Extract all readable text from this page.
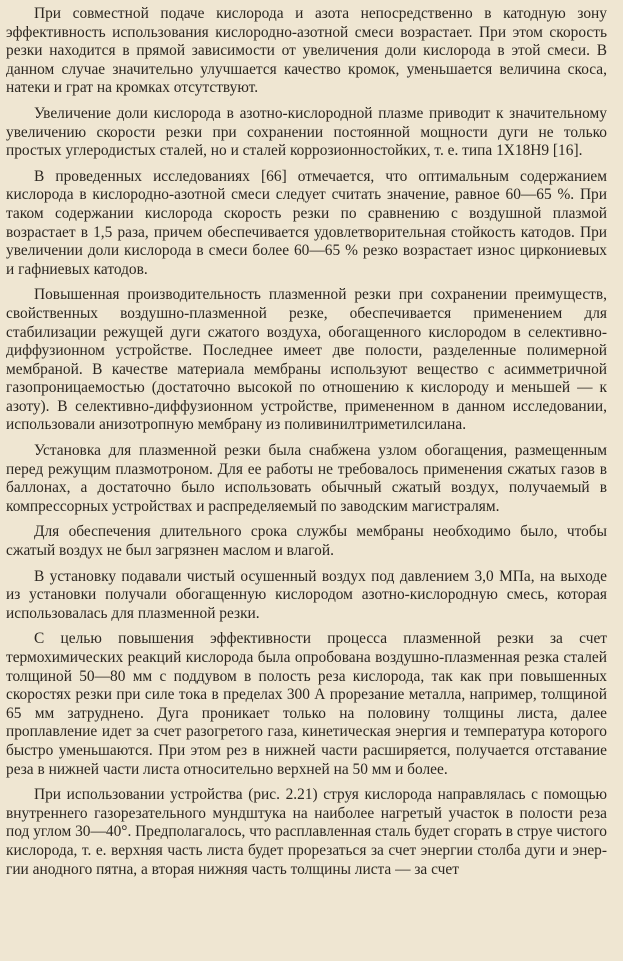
При совместной подаче кислорода и азота непосредственно в катодную зону эффективность использования кислородно-азотной смеси возрастает. При этом скорость резки находится в прямой зависимости от увеличения доли кислорода в этой смеси. В данном случае значительно улучшается качество кромок, уменьшается величина скоса, натеки и грат на кромках отсутствуют.

Увеличение доли кислорода в азотно-кислородной плазме приводит к значительному увеличению скорости резки при сохранении постоянной мощности дуги не только простых углеродистых сталей, но и сталей коррозионностойких, т. е. типа 1Х18Н9 [16].

В проведенных исследованиях [66] отмечается, что оптимальным содержанием кислорода в кислородно-азотной смеси следует считать значение, равное 60—65 %. При таком содержании кислорода скорость резки по сравнению с воздушной плазмой возрастает в 1,5 раза, причем обеспечивается удовлетворительная стойкость катодов. При увеличении доли кислорода в смеси более 60—65 % резко возрастает износ циркониевых и гафниевых катодов.

Повышенная производительность плазменной резки при сохранении преимуществ, свойственных воздушно-плазменной резке, обеспечивается применением для стабилизации режущей дуги сжатого воздуха, обогащенного кислородом в селективно-диффузионном устройстве. Последнее имеет две полости, разделенные полимерной мембраной. В качестве материала мембраны используют вещество с асимметричной газопроницаемостью (достаточно высокой по отношению к кислороду и меньшей — к азоту). В селективно-диффузионном устройстве, примененном в данном исследовании, использовали анизотропную мембрану из поливинилтриметилсилана.

Установка для плазменной резки была снабжена узлом обогащения, размещенным перед режущим плазмотроном. Для ее работы не требовалось применения сжатых газов в баллонах, а достаточно было использовать обычный сжатый воздух, получаемый в компрессорных устройствах и распределяемый по заводским магистралям.

Для обеспечения длительного срока службы мембраны необходимо было, чтобы сжатый воздух не был загрязнен маслом и влагой.

В установку подавали чистый осушенный воздух под давлением 3,0 МПа, на выходе из установки получали обогащенную кислородом азотно-кислородную смесь, которая использовалась для плазменной резки.

С целью повышения эффективности процесса плазменной резки за счет термохимических реакций кислорода была опробована воздушно-плазменная резка сталей толщиной 50—80 мм с поддувом в полость реза кислорода, так как при повышенных скоростях резки при силе тока в пределах 300 А прорезание металла, например, толщиной 65 мм затруднено. Дуга проникает только на половину толщины листа, далее проплавление идет за счет разогретого газа, кинетическая энергия и температура которого быстро уменьшаются. При этом рез в нижней части расширяется, получается отставание реза в нижней части листа относительно верхней на 50 мм и более.

При использовании устройства (рис. 2.21) струя кислорода направлялась с помощью внутреннего газорезательного мундштука на наиболее нагретый участок в полости реза под углом 30—40°. Предполагалось, что расплавленная сталь будет сгорать в струе чистого кислорода, т. е. верхняя часть листа будет прорезаться за счет энергии столба дуги и энергии анодного пятна, а вторая нижняя часть толщины листа — за счет
